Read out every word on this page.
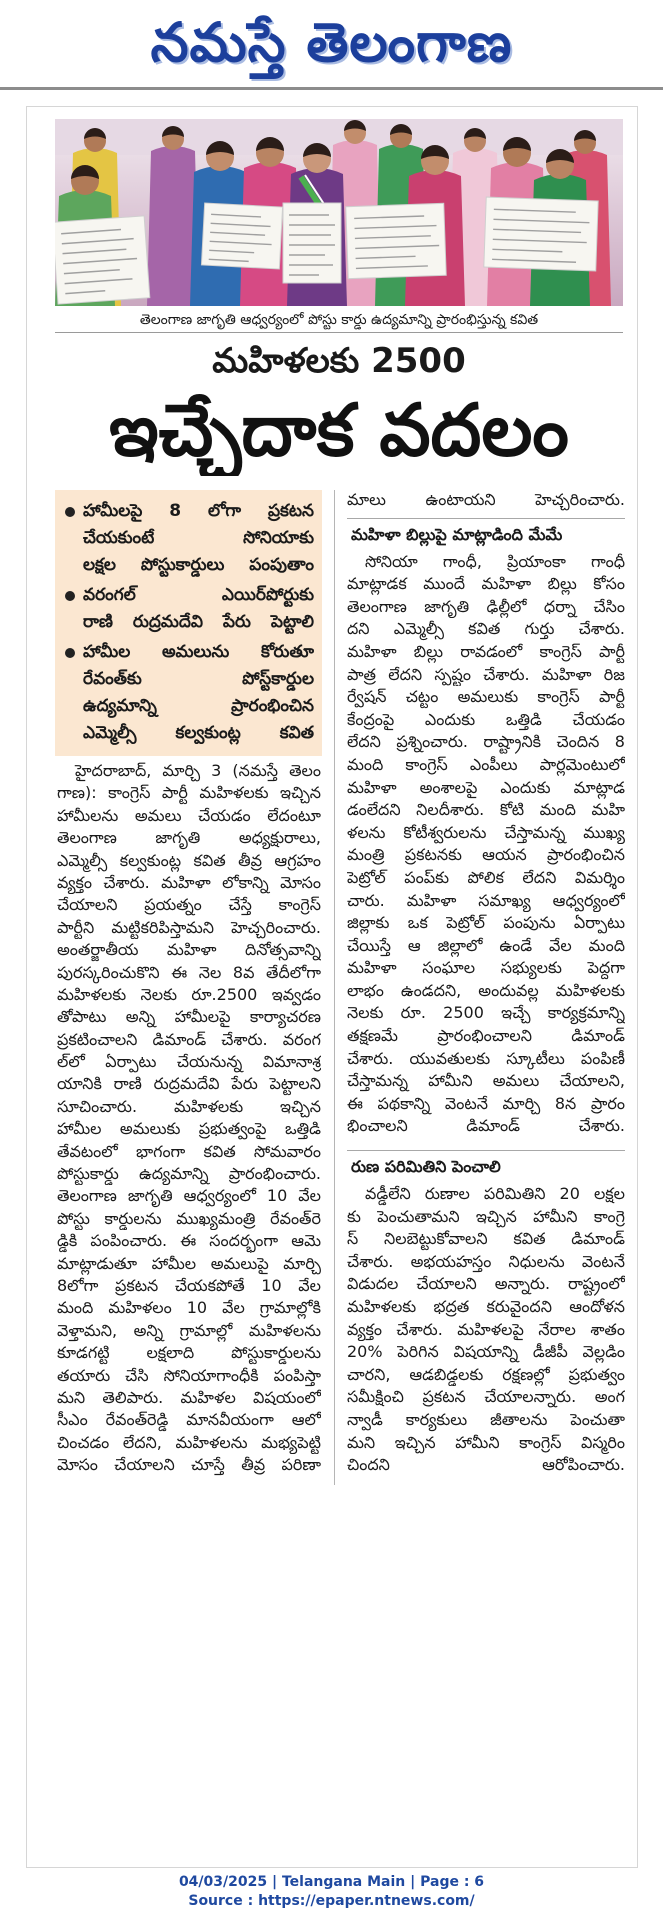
నమస్తే తెలంగాణ
తెలంగాణ జాగృతి ఆధ్వర్యంలో పోస్టు కార్డు ఉద్యమాన్ని ప్రారంభిస్తున్న కవిత
మహిళలకు 2500
ఇచ్చేదాక వదలం
హామీలపై 8 లోగా ప్రకటన
చేయకుంటే సోనియాకు
లక్షల పోస్టుకార్డులు పంపుతాం
వరంగల్ ఎయిర్‌పోర్టుకు
రాణి రుద్రమదేవి పేరు పెట్టాలి
హామీల అమలును కోరుతూ
రేవంత్‌కు పోస్ట్‌కార్డుల
ఉద్యమాన్ని ప్రారంభించిన
ఎమ్మెల్సీ కల్వకుంట్ల కవిత
హైదరాబాద్, మార్చి 3 (నమస్తే తెలం
గాణ): కాంగ్రెస్ పార్టీ మహిళలకు ఇచ్చిన
హామీలను అమలు చేయడం లేదంటూ
తెలంగాణ జాగృతి అధ్యక్షురాలు,
ఎమ్మెల్సీ కల్వకుంట్ల కవిత తీవ్ర ఆగ్రహం
వ్యక్తం చేశారు. మహిళా లోకాన్ని మోసం
చేయాలని ప్రయత్నం చేస్తే కాంగ్రెస్
పార్టీని మట్టికరిపిస్తామని హెచ్చరించారు.
అంతర్జాతీయ మహిళా దినోత్సవాన్ని
పురస్కరించుకొని ఈ నెల 8వ తేదీలోగా
మహిళలకు నెలకు రూ.2500 ఇవ్వడం
తోపాటు అన్ని హామీలపై కార్యాచరణ
ప్రకటించాలని డిమాండ్ చేశారు. వరంగ
ల్‌లో ఏర్పాటు చేయనున్న విమానాశ్ర
యానికి రాణి రుద్రమదేవి పేరు పెట్టాలని
సూచించారు. మహిళలకు ఇచ్చిన
హామీల అమలుకు ప్రభుత్వంపై ఒత్తిడి
తేవటంలో భాగంగా కవిత సోమవారం
పోస్టుకార్డు ఉద్యమాన్ని ప్రారంభించారు.
తెలంగాణ జాగృతి ఆధ్వర్యంలో 10 వేల
పోస్టు కార్డులను ముఖ్యమంత్రి రేవంత్‌రె
డ్డికి పంపించారు. ఈ సందర్భంగా ఆమె
మాట్లాడుతూ హామీల అమలుపై మార్చి
8లోగా ప్రకటన చేయకపోతే 10 వేల
మంది మహిళలం 10 వేల గ్రామాల్లోకి
వెళ్తామని, అన్ని గ్రామాల్లో మహిళలను
కూడగట్టి లక్షలాది పోస్టుకార్డులను
తయారు చేసి సోనియాగాంధీకి పంపిస్తా
మని తెలిపారు. మహిళల విషయంలో
సీఎం రేవంత్‌రెడ్డి మానవీయంగా ఆలో
చించడం లేదని, మహిళలను మభ్యపెట్టి
మోసం చేయాలని చూస్తే తీవ్ర పరిణా
మాలు ఉంటాయని హెచ్చరించారు.
మహిళా బిల్లుపై మాట్లాడింది మేమే
సోనియా గాంధీ, ప్రియాంకా గాంధీ
మాట్లాడక ముందే మహిళా బిల్లు కోసం
తెలంగాణ జాగృతి ఢిల్లీలో ధర్నా చేసిం
దని ఎమ్మెల్సీ కవిత గుర్తు చేశారు.
మహిళా బిల్లు రావడంలో కాంగ్రెస్ పార్టీ
పాత్ర లేదని స్పష్టం చేశారు. మహిళా రిజ
ర్వేషన్ చట్టం అమలుకు కాంగ్రెస్ పార్టీ
కేంద్రంపై ఎందుకు ఒత్తిడి చేయడం
లేదని ప్రశ్నించారు. రాష్ట్రానికి చెందిన 8
మంది కాంగ్రెస్ ఎంపీలు పార్లమెంటులో
మహిళా అంశాలపై ఎందుకు మాట్లాడ
డంలేదని నిలదీశారు. కోటి మంది మహి
ళలను కోటీశ్వరులను చేస్తామన్న ముఖ్య
మంత్రి ప్రకటనకు ఆయన ప్రారంభించిన
పెట్రోల్ పంప్‌కు పోలిక లేదని విమర్శిం
చారు. మహిళా సమాఖ్య ఆధ్వర్యంలో
జిల్లాకు ఒక పెట్రోల్ పంపును ఏర్పాటు
చేయిస్తే ఆ జిల్లాలో ఉండే వేల మంది
మహిళా సంఘాల సభ్యులకు పెద్దగా
లాభం ఉండదని, అందువల్ల మహిళలకు
నెలకు రూ. 2500 ఇచ్చే కార్యక్రమాన్ని
తక్షణమే ప్రారంభించాలని డిమాండ్
చేశారు. యువతులకు స్కూటీలు పంపిణీ
చేస్తామన్న హామీని అమలు చేయాలని,
ఈ పథకాన్ని వెంటనే మార్చి 8న ప్రారం
భించాలని డిమాండ్ చేశారు.
రుణ పరిమితిని పెంచాలి
వడ్డీలేని రుణాల పరిమితిని 20 లక్షల
కు పెంచుతామని ఇచ్చిన హామీని కాంగ్రె
స్ నిలబెట్టుకోవాలని కవిత డిమాండ్
చేశారు. అభయహస్తం నిధులను వెంటనే
విడుదల చేయాలని అన్నారు. రాష్ట్రంలో
మహిళలకు భద్రత కరువైందని ఆందోళన
వ్యక్తం చేశారు. మహిళలపై నేరాల శాతం
20% పెరిగిన విషయాన్ని డీజీపీ వెల్లడిం
చారని, ఆడబిడ్డలకు రక్షణల్లో ప్రభుత్వం
సమీక్షించి ప్రకటన చేయాలన్నారు. అంగ
న్వాడీ కార్యకులు జీతాలను పెంచుతా
మని ఇచ్చిన హామీని కాంగ్రెస్ విస్మరిం
చిందని ఆరోపించారు.
04/03/2025 | Telangana Main | Page : 6
Source : https://epaper.ntnews.com/
